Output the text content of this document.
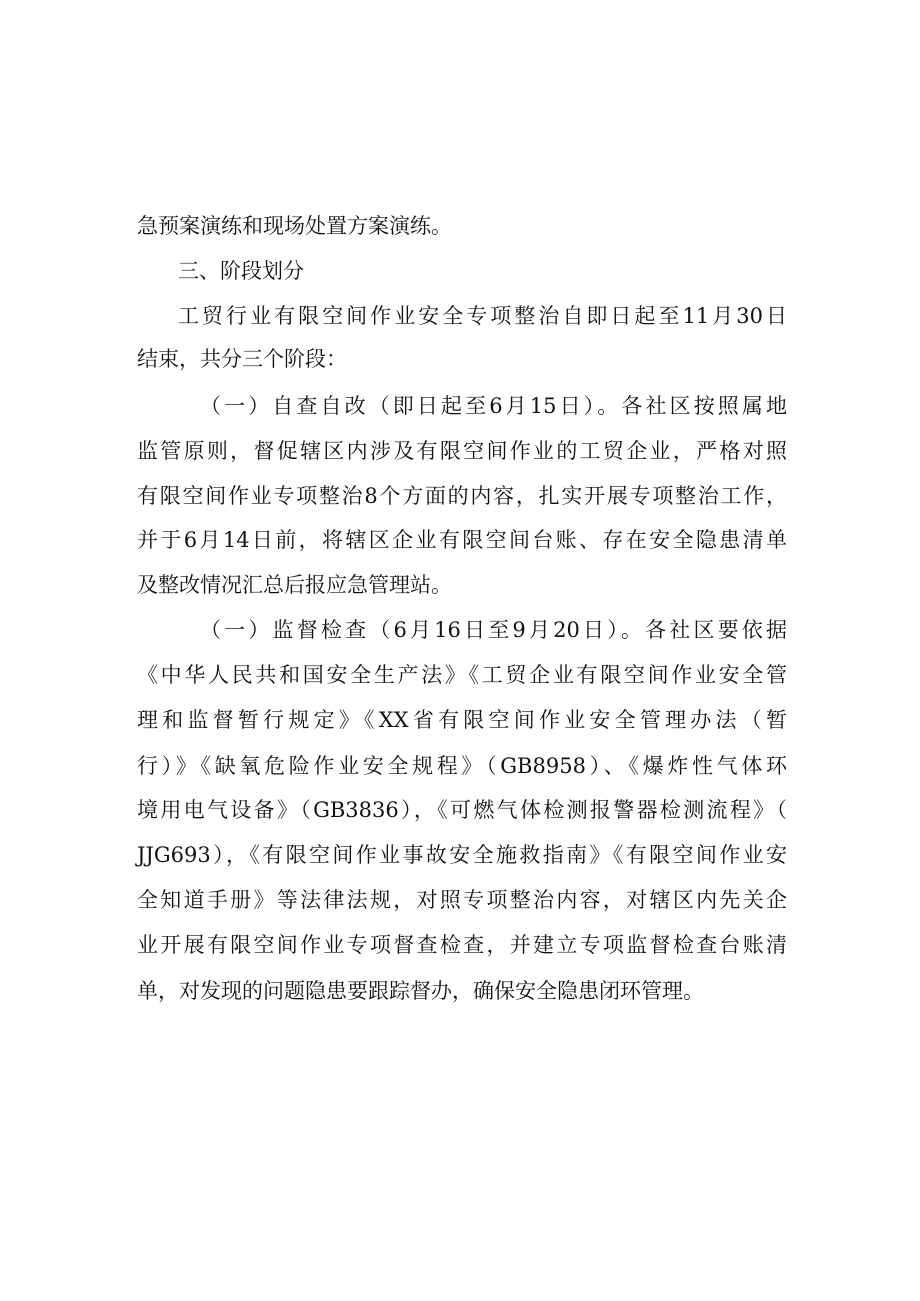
急预案演练和现场处置方案演练。

三、阶段划分

工贸行业有限空间作业安全专项整治自即日起至11月30日

结束，共分三个阶段：

（一）自查自改（即日起至6月15日）。各社区按照属地

监管原则，督促辖区内涉及有限空间作业的工贸企业，严格对照

有限空间作业专项整治8个方面的内容，扎实开展专项整治工作，

并于6月14日前，将辖区企业有限空间台账、存在安全隐患清单

及整改情况汇总后报应急管理站。

（一）监督检查（6月16日至9月20日）。各社区要依据

《中华人民共和国安全生产法》《工贸企业有限空间作业安全管

理和监督暂行规定》《XX省有限空间作业安全管理办法（暂

行）》《缺氧危险作业安全规程》（GB8958）、《爆炸性气体环

境用电气设备》（GB3836），《可燃气体检测报警器检测流程》（

JJG693），《有限空间作业事故安全施救指南》《有限空间作业安

全知道手册》等法律法规，对照专项整治内容，对辖区内先关企

业开展有限空间作业专项督查检查，并建立专项监督检查台账清

单，对发现的问题隐患要跟踪督办，确保安全隐患闭环管理。
